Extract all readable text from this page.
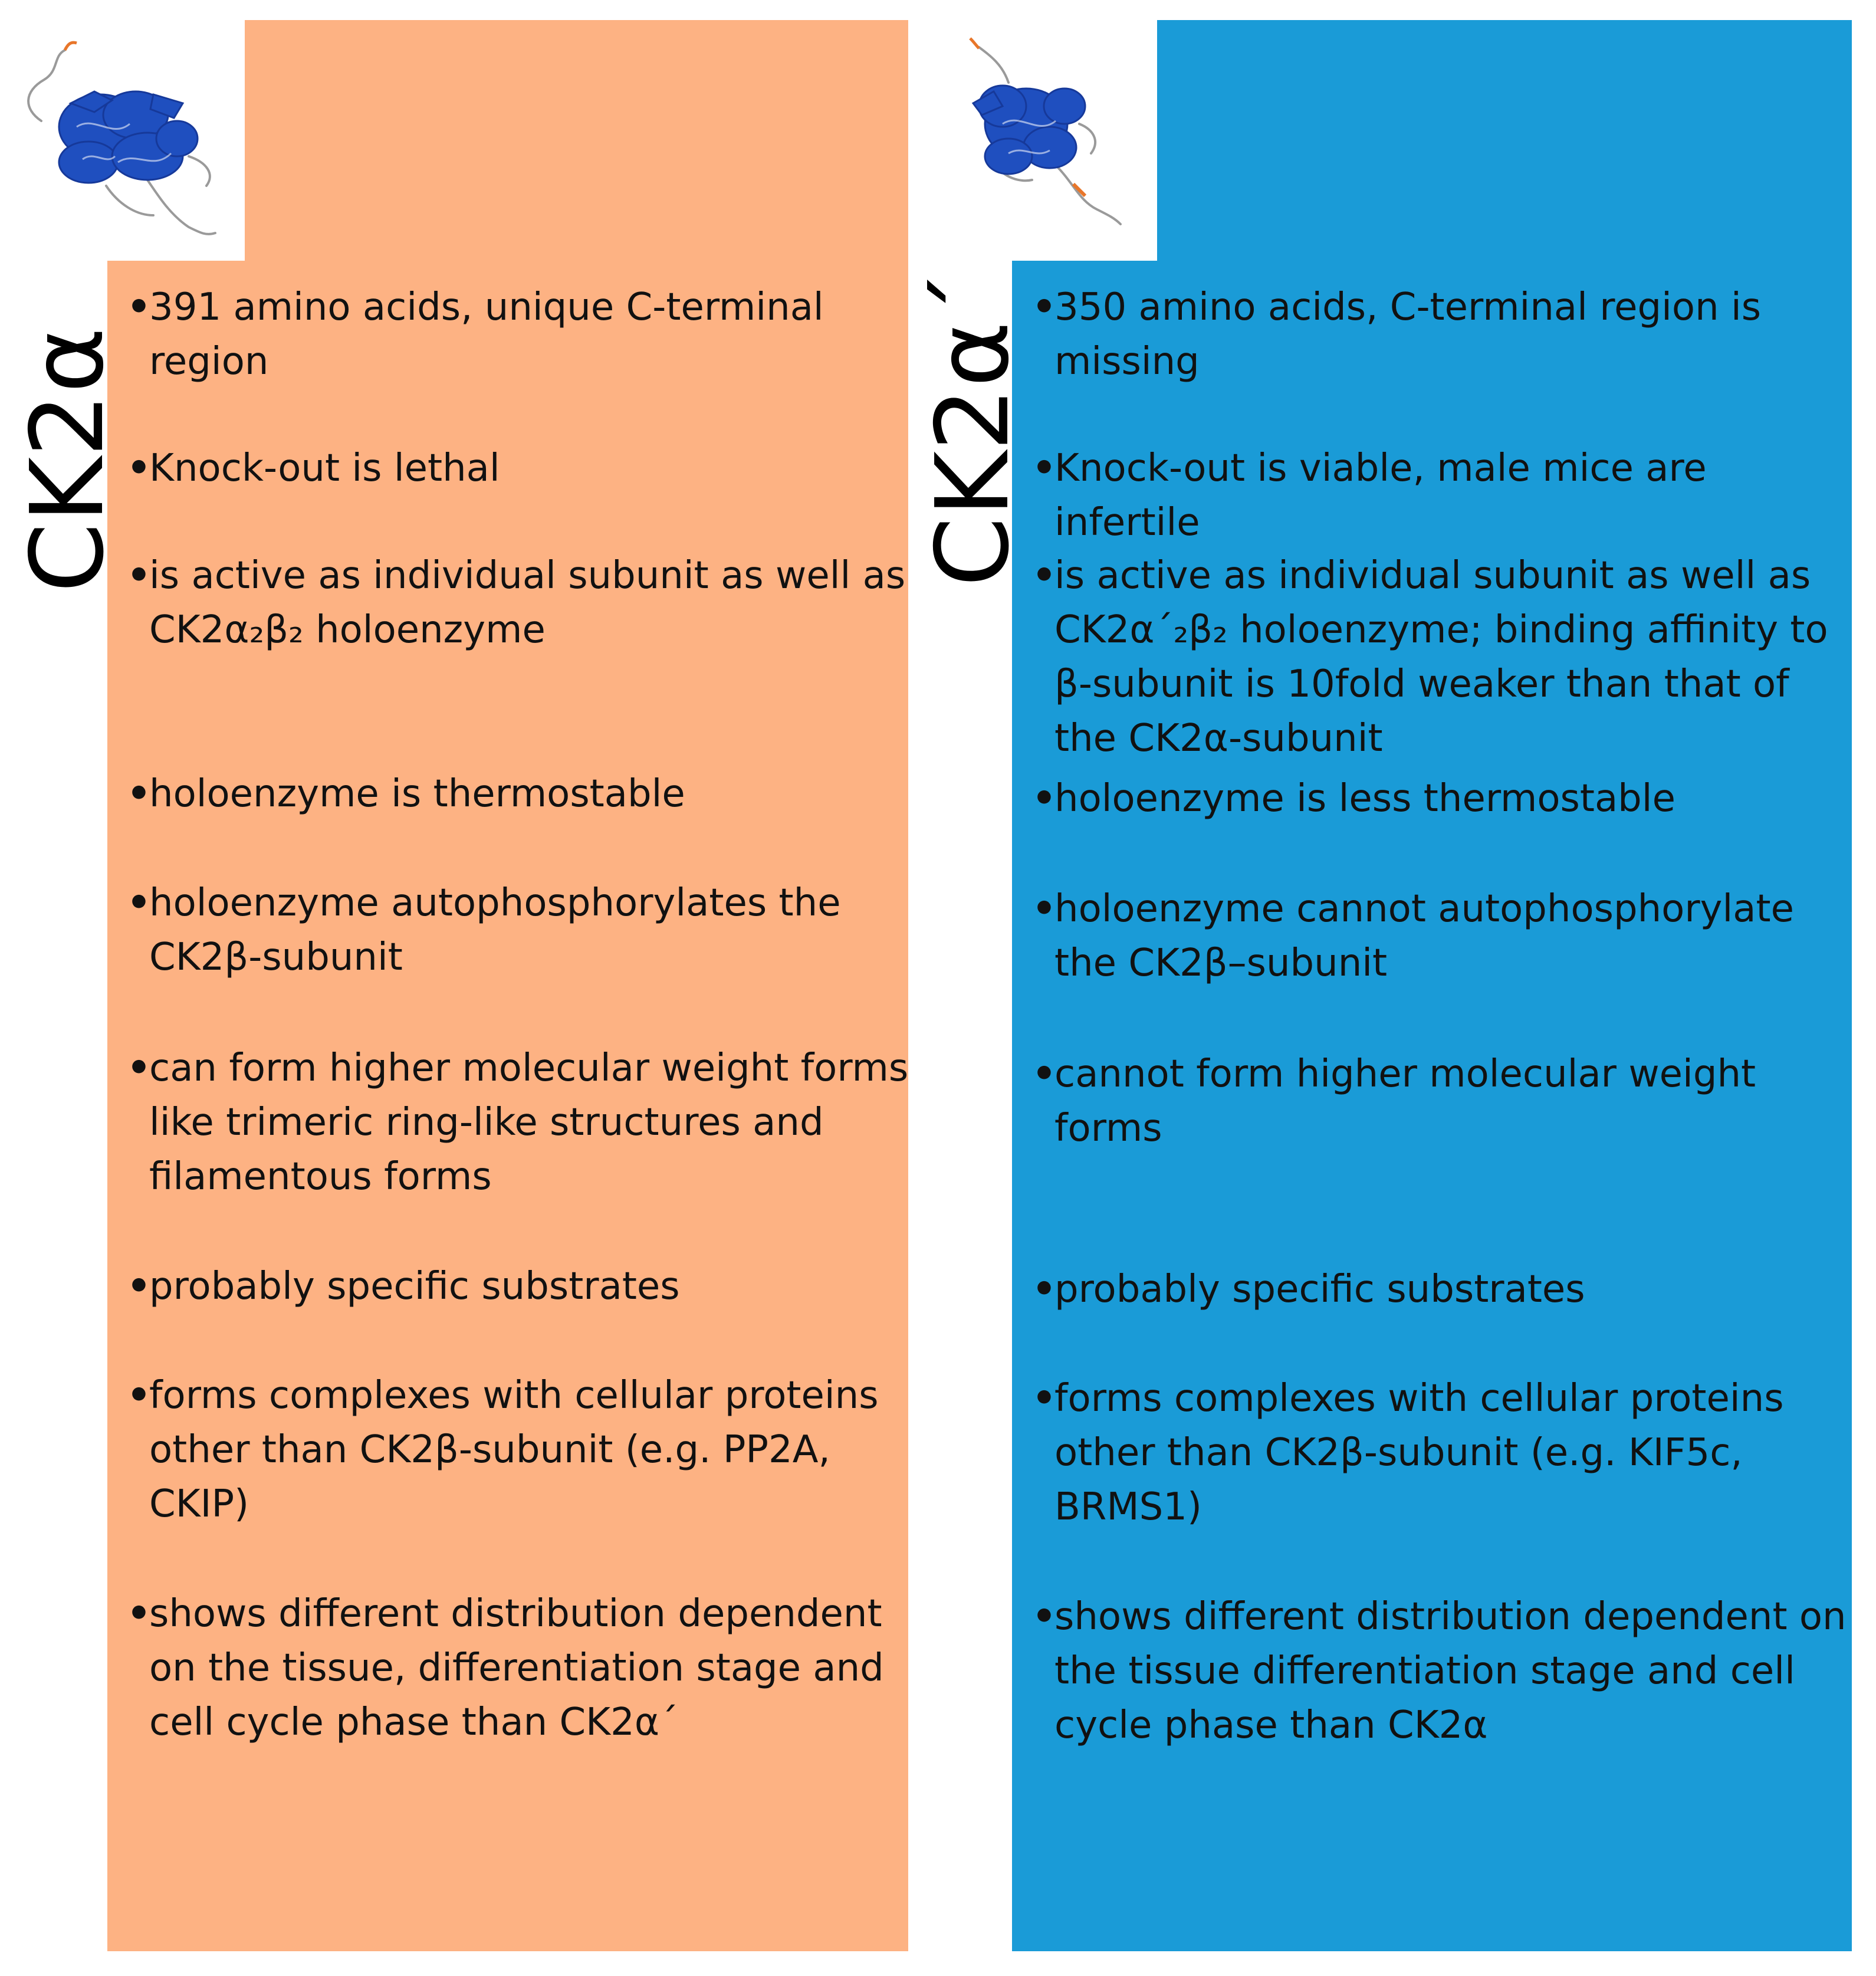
CK2α	CK2α´
•
391 amino acids, unique C-terminal region
•
Knock-out is lethal
•
is active as individual subunit as well as CK2α₂β₂ holoenzyme
•
holoenzyme is thermostable
•
holoenzyme autophosphorylates the CK2β-subunit
•
can form higher molecular weight forms like trimeric ring-like structures and filamentous forms
•
probably specific substrates
•
forms complexes with cellular proteins other than CK2β-subunit (e.g. PP2A, CKIP)
•
shows different distribution dependent on the tissue, differentiation stage and cell cycle phase than CK2α´
•
350 amino acids, C-terminal region is missing
•
Knock-out is viable, male mice are infertile
•
is active as individual subunit as well as CK2α´₂β₂ holoenzyme; binding affinity to β-subunit is 10fold weaker than that of the CK2α-subunit
•
holoenzyme is less thermostable
•
holoenzyme cannot autophosphorylate the CK2β–subunit
•
cannot form higher molecular weight forms
•
probably specific substrates
•
forms complexes with cellular proteins other than CK2β-subunit (e.g. KIF5c, BRMS1)
•
shows different distribution dependent on the tissue differentiation stage and cell cycle phase than CK2α
